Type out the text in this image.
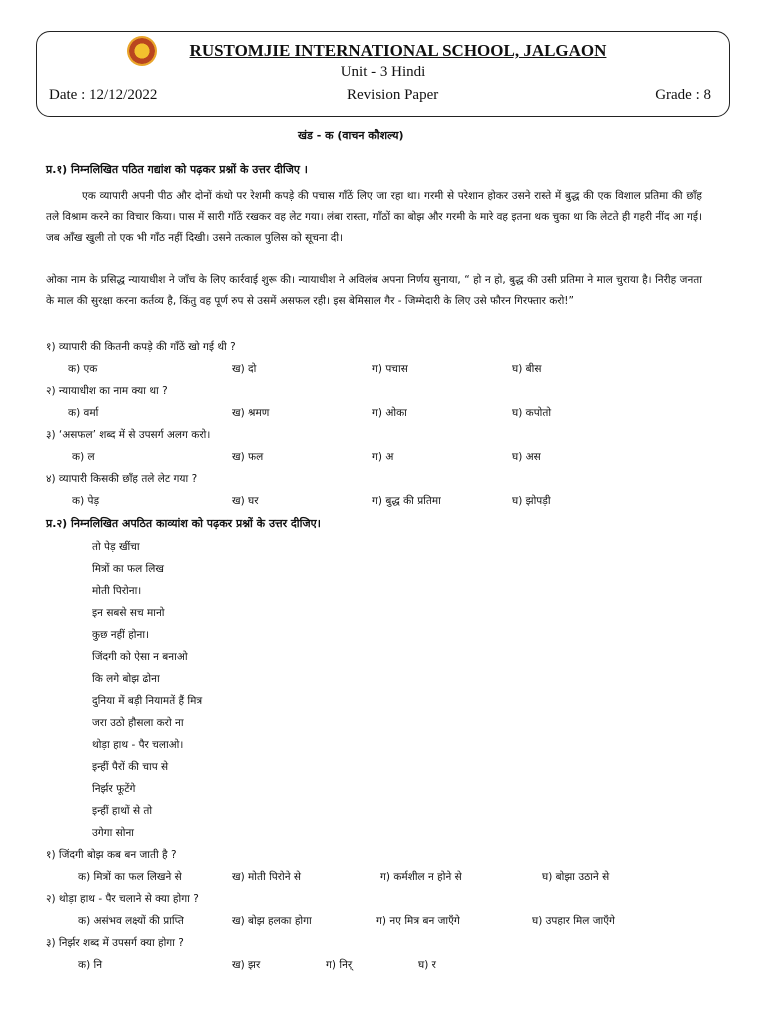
RUSTOMJIE INTERNATIONAL SCHOOL, JALGAON
Unit - 3 Hindi
Date : 12/12/2022	Revision Paper	Grade : 8
खंड - क (वाचन कौशल्य)
प्र.१) निम्नलिखित पठित गद्यांश को पढ़कर प्रश्नों के उत्तर दीजिए ।
एक व्यापारी अपनी पीठ और दोनों कंधो पर रेशमी कपड़े की पचास गाँठें लिए जा रहा था। गरमी से परेशान होकर उसने रास्ते में बुद्ध की एक विशाल प्रतिमा की छाँह तले विश्राम करने का विचार किया। पास में सारी गाँठें रखकर वह लेट गया। लंबा रास्ता, गाँठों का बोझ और गरमी के मारे वह इतना थक चुका था कि लेटते ही गहरी नींद आ गई। जब आँख खुली तो एक भी गाँठ नहीं दिखी। उसने तत्काल पुलिस को सूचना दी।
ओका नाम के प्रसिद्ध न्यायाधीश ने जाँच के लिए कार्रवाई शुरू की। न्यायाधीश ने अविलंब अपना निर्णय सुनाया, “ हो न हो, बुद्ध की उसी प्रतिमा ने माल चुराया है। निरीह जनता के माल की सुरक्षा करना कर्तव्य है, किंतु वह पूर्ण रुप से उसमें असफल रही। इस बेमिसाल गैर - जिम्मेदारी के लिए उसे फौरन गिरफ्तार करो!”
१) व्यापारी की कितनी कपड़े की गाँठें खो गई थी ?
क) एक	ख) दो	ग) पचास	घ) बीस
२) न्यायाधीश का नाम क्या था ?
क) वर्मा	ख) श्रमण	ग) ओका	घ) कपोतो
३) ‘असफल’ शब्द में से उपसर्ग अलग करो।
क) ल	ख) फल	ग) अ	घ) अस
४) व्यापारी किसकी छाँह तले लेट गया ?
क) पेड़	ख) घर	ग) बुद्ध की प्रतिमा	घ) झोपड़ी
प्र.२) निम्नलिखित अपठित काव्यांश को पढ़कर प्रश्नों के उत्तर दीजिए।
तो पेड़ खींचा
मित्रों का फल लिख
मोती पिरोना।
इन सबसे सच मानो
कुछ नहीं होना।
जिंदगी को ऐसा न बनाओ
कि लगे बोझ ढोना
दुनिया में बड़ी नियामतें हैं मित्र
जरा उठो हौसला करो ना
थोड़ा हाथ - पैर चलाओ।
इन्हीं पैरों की चाप से
निर्झर फूटेंगे
इन्हीं हाथों से तो
उगेगा सोना
१) जिंदगी बोझ कब बन जाती है ?
क) मित्रों का फल लिखने से	ख) मोती पिरोने से	ग) कर्मशील न होने से	घ) बोझा उठाने से
२) थोड़ा हाथ - पैर चलाने से क्या होगा ?
क) असंभव लक्ष्यों की प्राप्ति	ख) बोझ हलका होगा	ग) नए मित्र बन जाएँगे	घ) उपहार मिल जाएँगे
३) निर्झर शब्द में उपसर्ग क्या होगा ?
क) नि	ख) झर	ग) निर्	घ) र
